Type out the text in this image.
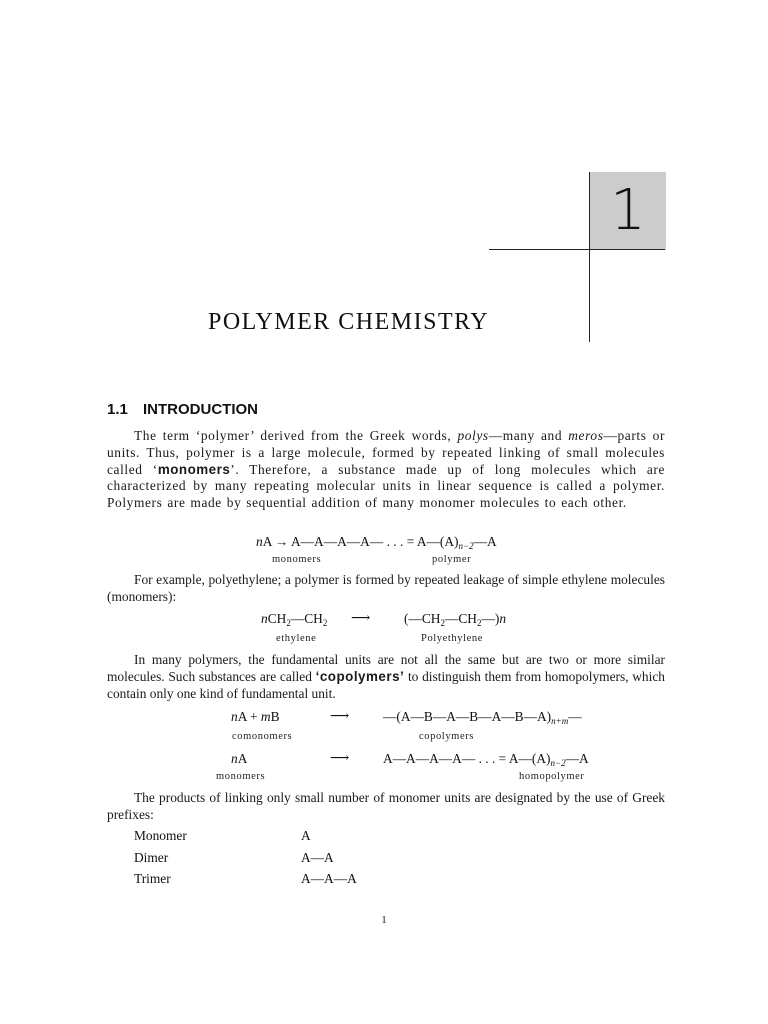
1
POLYMER CHEMISTRY
1.1 INTRODUCTION
The term ‘polymer’ derived from the Greek words, polys—many and meros—parts or units. Thus, polymer is a large molecule, formed by repeated linking of small molecules called ‘monomers’. Therefore, a substance made up of long molecules which are characterized by many repeating molecular units in linear sequence is called a polymer. Polymers are made by sequential addition of many monomer molecules to each other.
nA → A—A—A—A— . . . = $A—(A)_{n-2}—A$
monomers	polymer
For example, polyethylene; a polymer is formed by repeated leakage of simple ethylene molecules (monomers):
$nCH_2—CH_2$ ⟶	$(—CH_2—CH_2—)n$
ethylene	Polyethylene
In many polymers, the fundamental units are not all the same but are two or more similar molecules. Such substances are called ‘copolymers’ to distinguish them from homopolymers, which contain only one kind of fundamental unit.
nA + mB	⟶	$—(A—B—A—B—A—B—A)_{n+m}—$
comonomers	copolymers
nA	⟶	A—A—A—A— . . . = $A—(A)_{n-2}—A$
monomers	homopolymer
The products of linking only small number of monomer units are designated by the use of Greek prefixes:
Monomer	A
Dimer	A—A
Trimer	A—A—A
1
